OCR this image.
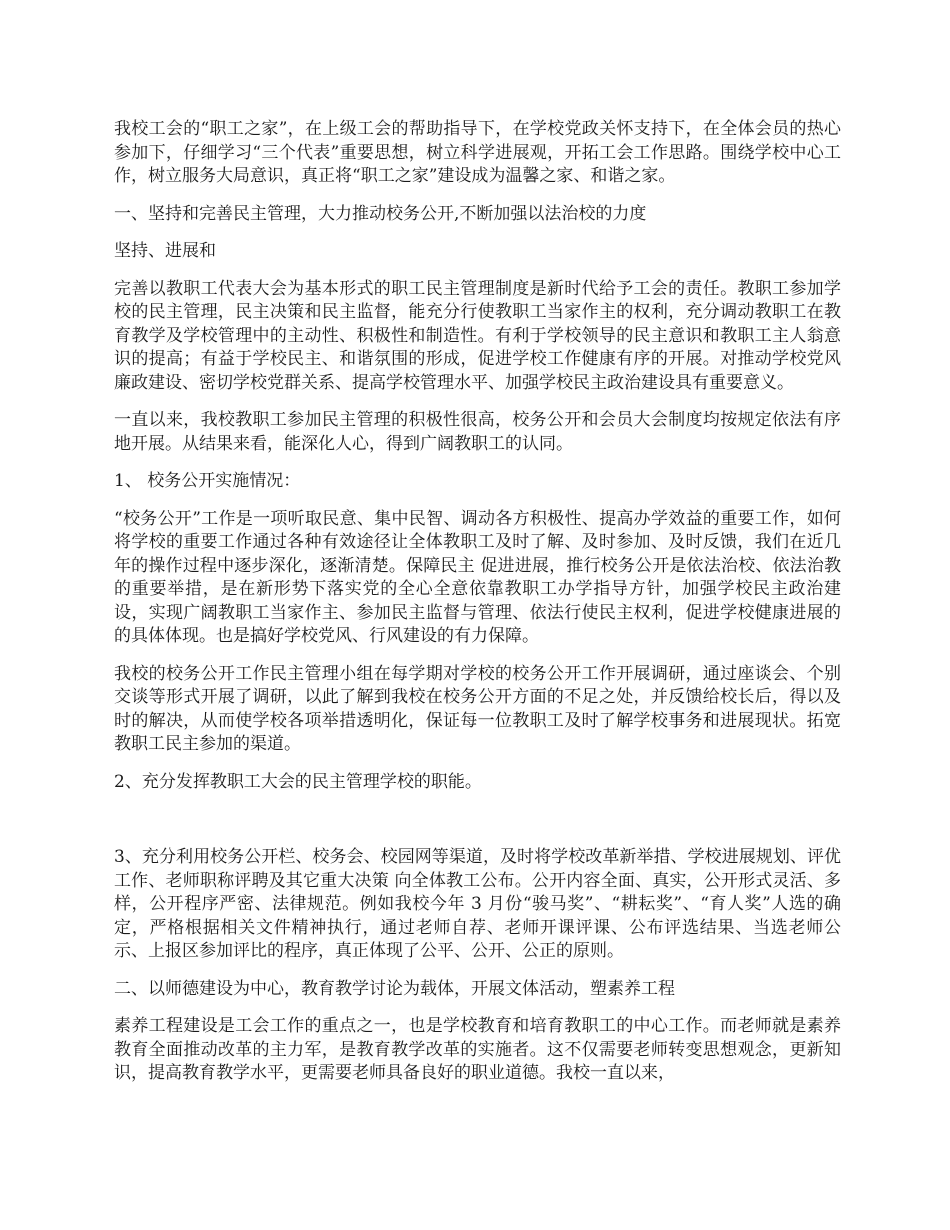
我校工会的“职工之家”，在上级工会的帮助指导下，在学校党政关怀支持下，在全体会员的热心参加下，仔细学习“三个代表”重要思想，树立科学进展观，开拓工会工作思路。围绕学校中心工作，树立服务大局意识，真正将“职工之家”建设成为温馨之家、和谐之家。

一、坚持和完善民主管理，大力推动校务公开,不断加强以法治校的力度

坚持、进展和

完善以教职工代表大会为基本形式的职工民主管理制度是新时代给予工会的责任。教职工参加学校的民主管理，民主决策和民主监督，能充分行使教职工当家作主的权利，充分调动教职工在教育教学及学校管理中的主动性、积极性和制造性。有利于学校领导的民主意识和教职工主人翁意识的提高；有益于学校民主、和谐氛围的形成，促进学校工作健康有序的开展。对推动学校党风廉政建设、密切学校党群关系、提高学校管理水平、加强学校民主政治建设具有重要意义。

一直以来，我校教职工参加民主管理的积极性很高，校务公开和会员大会制度均按规定依法有序地开展。从结果来看，能深化人心，得到广阔教职工的认同。

1、 校务公开实施情况：

“校务公开”工作是一项听取民意、集中民智、调动各方积极性、提高办学效益的重要工作，如何将学校的重要工作通过各种有效途径让全体教职工及时了解、及时参加、及时反馈，我们在近几年的操作过程中逐步深化，逐渐清楚。保障民主 促进进展，推行校务公开是依法治校、依法治教的重要举措，是在新形势下落实党的全心全意依靠教职工办学指导方针，加强学校民主政治建设，实现广阔教职工当家作主、参加民主监督与管理、依法行使民主权利，促进学校健康进展的的具体体现。也是搞好学校党风、行风建设的有力保障。

我校的校务公开工作民主管理小组在每学期对学校的校务公开工作开展调研，通过座谈会、个别交谈等形式开展了调研，以此了解到我校在校务公开方面的不足之处，并反馈给校长后，得以及时的解决，从而使学校各项举措透明化，保证每一位教职工及时了解学校事务和进展现状。拓宽教职工民主参加的渠道。

2、充分发挥教职工大会的民主管理学校的职能。

3、充分利用校务公开栏、校务会、校园网等渠道，及时将学校改革新举措、学校进展规划、评优工作、老师职称评聘及其它重大决策 向全体教工公布。公开内容全面、真实，公开形式灵活、多样，公开程序严密、法律规范。例如我校今年 3 月份“骏马奖”、“耕耘奖”、“育人奖”人选的确定，严格根据相关文件精神执行，通过老师自荐、老师开课评课、公布评选结果、当选老师公示、上报区参加评比的程序，真正体现了公平、公开、公正的原则。

二、以师德建设为中心，教育教学讨论为载体，开展文体活动，塑素养工程

素养工程建设是工会工作的重点之一，也是学校教育和培育教职工的中心工作。而老师就是素养教育全面推动改革的主力军，是教育教学改革的实施者。这不仅需要老师转变思想观念，更新知识，提高教育教学水平，更需要老师具备良好的职业道德。我校一直以来，
